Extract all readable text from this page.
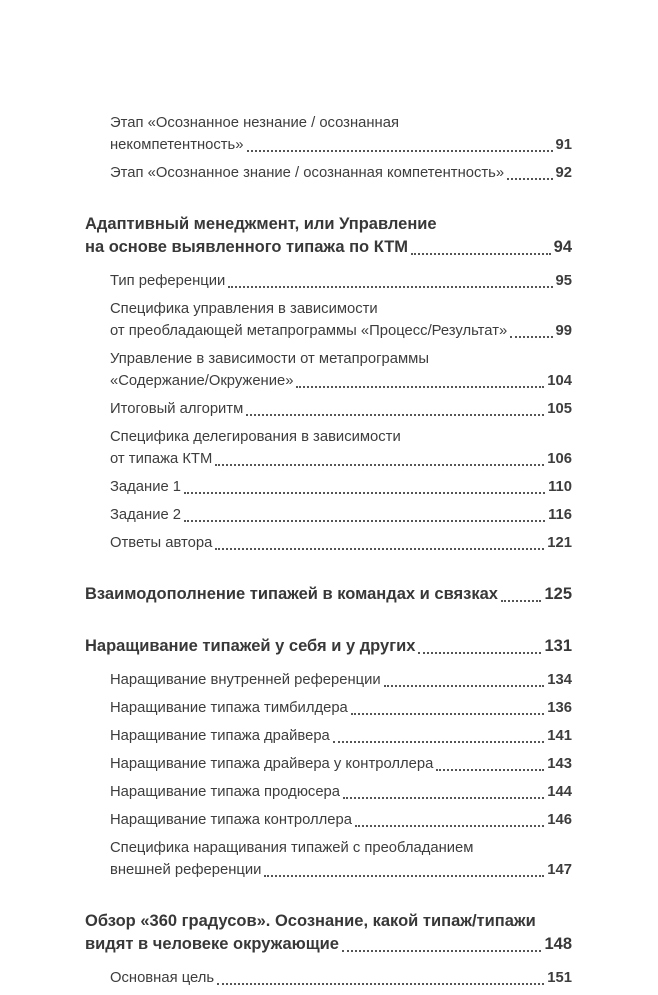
Этап «Осознанное незнание / осознанная
некомпетентность»	91
Этап «Осознанное знание / осознанная компетентность»	92
Адаптивный менеджмент, или Управление
на основе выявленного типажа по КТМ	94
Тип референции	95
Специфика управления в зависимости
от преобладающей метапрограммы «Процесс/Результат»	99
Управление в зависимости от метапрограммы
«Содержание/Окружение»	104
Итоговый алгоритм	105
Специфика делегирования в зависимости
от типажа КТМ	106
Задание 1	110
Задание 2	116
Ответы автора	121
Взаимодополнение типажей в командах и связках	125
Наращивание типажей у себя и у других	131
Наращивание внутренней референции	134
Наращивание типажа тимбилдера	136
Наращивание типажа драйвера	141
Наращивание типажа драйвера у контроллера	143
Наращивание типажа продюсера	144
Наращивание типажа контроллера	146
Специфика наращивания типажей с преобладанием
внешней референции	147
Обзор «360 градусов». Осознание, какой типаж/типажи
видят в человеке окружающие	148
Основная цель	151
